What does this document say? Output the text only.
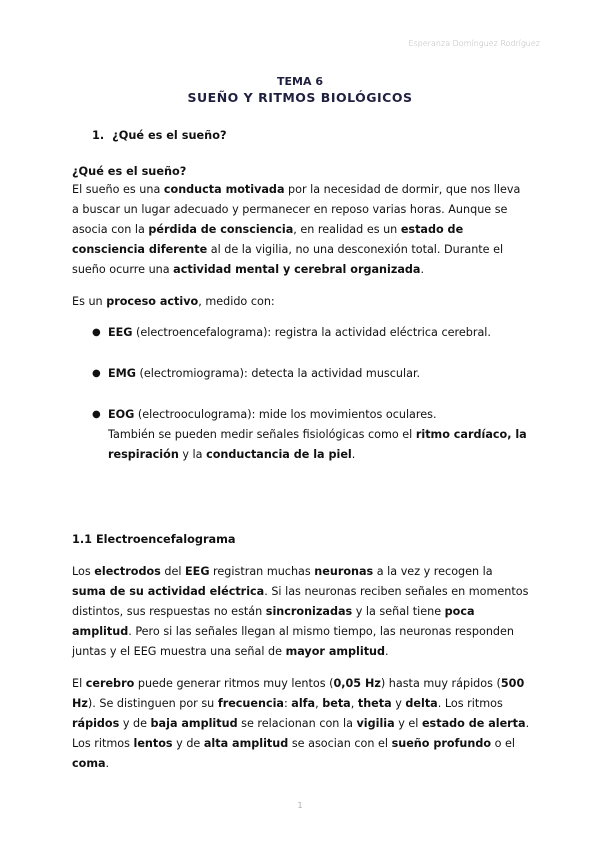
Esperanza Domínguez Rodríguez
TEMA 6
SUEÑO Y RITMOS BIOLÓGICOS
1. ¿Qué es el sueño?
¿Qué es el sueño?

El sueño es una conducta motivada por la necesidad de dormir, que nos lleva a buscar un lugar adecuado y permanecer en reposo varias horas. Aunque se asocia con la pérdida de consciencia, en realidad es un estado de consciencia diferente al de la vigilia, no una desconexión total. Durante el sueño ocurre una actividad mental y cerebral organizada.

Es un proceso activo, medido con:

● EEG (electroencefalograma): registra la actividad eléctrica cerebral.
● EMG (electromiograma): detecta la actividad muscular.
● EOG (electrooculograma): mide los movimientos oculares.
También se pueden medir señales fisiológicas como el ritmo cardíaco, la respiración y la conductancia de la piel.
1.1 Electroencefalograma

Los electrodos del EEG registran muchas neuronas a la vez y recogen la suma de su actividad eléctrica. Si las neuronas reciben señales en momentos distintos, sus respuestas no están sincronizadas y la señal tiene poca amplitud. Pero si las señales llegan al mismo tiempo, las neuronas responden juntas y el EEG muestra una señal de mayor amplitud.

El cerebro puede generar ritmos muy lentos (0,05 Hz) hasta muy rápidos (500 Hz). Se distinguen por su frecuencia: alfa, beta, theta y delta. Los ritmos rápidos y de baja amplitud se relacionan con la vigilia y el estado de alerta. Los ritmos lentos y de alta amplitud se asocian con el sueño profundo o el coma.

1
